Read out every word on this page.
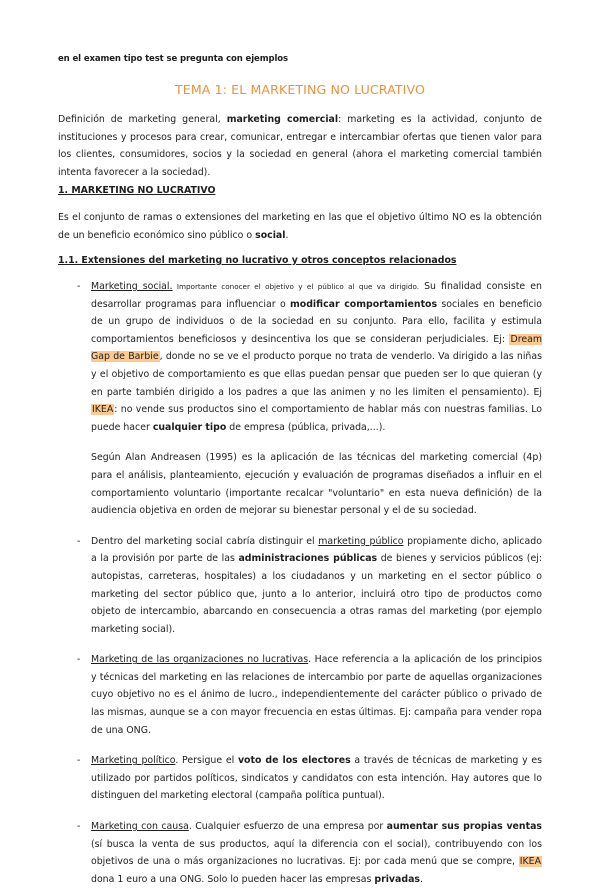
en el examen tipo test se pregunta con ejemplos
TEMA 1: EL MARKETING NO LUCRATIVO

Definición de marketing general, marketing comercial: marketing es la actividad, conjunto de instituciones y procesos para crear, comunicar, entregar e intercambiar ofertas que tienen valor para los clientes, consumidores, socios y la sociedad en general (ahora el marketing comercial también intenta favorecer a la sociedad).

1. MARKETING NO LUCRATIVO

Es el conjunto de ramas o extensiones del marketing en las que el objetivo último NO es la obtención de un beneficio económico sino público o social.

1.1. Extensiones del marketing no lucrativo y otros conceptos relacionados

- Marketing social. Importante conocer el objetivo y el público al que va dirigido. Su finalidad consiste en desarrollar programas para influenciar o modificar comportamientos sociales en beneficio de un grupo de individuos o de la sociedad en su conjunto. Para ello, facilita y estimula comportamientos beneficiosos y desincentiva los que se consideran perjudiciales. Ej: Dream Gap de Barbie, donde no se ve el producto porque no trata de venderlo. Va dirigido a las niñas y el objetivo de comportamiento es que ellas puedan pensar que pueden ser lo que quieran (y en parte también dirigido a los padres a que las animen y no les limiten el pensamiento). Ej IKEA: no vende sus productos sino el comportamiento de hablar más con nuestras familias. Lo puede hacer cualquier tipo de empresa (pública, privada,...).

Según Alan Andreasen (1995) es la aplicación de las técnicas del marketing comercial (4p) para el análisis, planteamiento, ejecución y evaluación de programas diseñados a influir en el comportamiento voluntario (importante recalcar "voluntario" en esta nueva definición) de la audiencia objetiva en orden de mejorar su bienestar personal y el de su sociedad.

- Dentro del marketing social cabría distinguir el marketing público propiamente dicho, aplicado a la provisión por parte de las administraciones públicas de bienes y servicios públicos (ej: autopistas, carreteras, hospitales) a los ciudadanos y un marketing en el sector público o marketing del sector público que, junto a lo anterior, incluirá otro tipo de productos como objeto de intercambio, abarcando en consecuencia a otras ramas del marketing (por ejemplo marketing social).

- Marketing de las organizaciones no lucrativas. Hace referencia a la aplicación de los principios y técnicas del marketing en las relaciones de intercambio por parte de aquellas organizaciones cuyo objetivo no es el ánimo de lucro., independientemente del carácter público o privado de las mismas, aunque se a con mayor frecuencia en estas últimas. Ej: campaña para vender ropa de una ONG.

- Marketing político. Persigue el voto de los electores a través de técnicas de marketing y es utilizado por partidos políticos, sindicatos y candidatos con esta intención. Hay autores que lo distinguen del marketing electoral (campaña política puntual).

- Marketing con causa. Cualquier esfuerzo de una empresa por aumentar sus propias ventas (sí busca la venta de sus productos, aquí la diferencia con el social), contribuyendo con los objetivos de una o más organizaciones no lucrativas. Ej: por cada menú que se compre, IKEA dona 1 euro a una ONG. Solo lo pueden hacer las empresas privadas.
